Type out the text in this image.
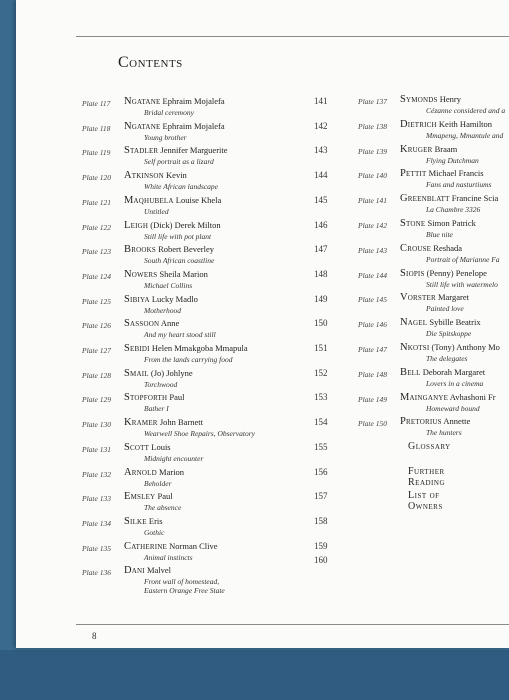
Contents
Plate 117 Ngatane Ephraim Mojalefa
Bridal ceremony
Plate 118 Ngatane Ephraim Mojalefa
Young brother
Plate 119 Stadler Jennifer Marguerite
Self portrait as a lizard
Plate 120 Atkinson Kevin
White African landscape
Plate 121 Maqhubela Louise Khela
Untitled
Plate 122 Leigh (Dick) Derek Milton
Still life with pot plant
Plate 123 Brooks Robert Beverley
South African coastline
Plate 124 Nowers Sheila Marion
Michael Collins
Plate 125 Sibiya Lucky Madlo
Motherhood
Plate 126 Sassoon Anne
And my heart stood still
Plate 127 Sebidi Helen Mmakgoba Mmapula
From the lands carrying food
Plate 128 Smail (Jo) Johlyne
Torchwood
Plate 129 Stopforth Paul
Bather I
Plate 130 Kramer John Barnett
Wearwell Shoe Repairs, Observatory
Plate 131 Scott Louis
Midnight encounter
Plate 132 Arnold Marion
Beholder
Plate 133 Emsley Paul
The absence
Plate 134 Silke Eris
Gothic
Plate 135 Catherine Norman Clive
Animal instincts
Plate 136 Dani Malvel
Front wall of homestead,
Eastern Orange Free State
141
142
143
144
145
146
147
148
149
150
151
152
153
154
155
156
157
158
159
160
Plate 137 Symonds Henry
Cézanne considered and a
Plate 138 Dietrich Keith Hamilton
Mmapeng, Mmantule and
Plate 139 Kruger Braam
Flying Dutchman
Plate 140 Pettit Michael Francis
Fans and nasturtiums
Plate 141 Greenblatt Francine Scia
La Chambre 3326
Plate 142 Stone Simon Patrick
Blue nite
Plate 143 Crouse Reshada
Portrait of Marianne Fa
Plate 144 Siopis (Penny) Penelope
Still life with watermelo
Plate 145 Vorster Margaret
Painted love
Plate 146 Nagel Sybille Beatrix
Die Spitskoppe
Plate 147 Nkotsi (Tony) Anthony Mo
The delegates
Plate 148 Bell Deborah Margaret
Lovers in a cinema
Plate 149 Mainganye Avhashoni Fr
Homeward bound
Plate 150 Pretorius Annette
The hunters
Glossary
Further Reading
List of Owners
8
